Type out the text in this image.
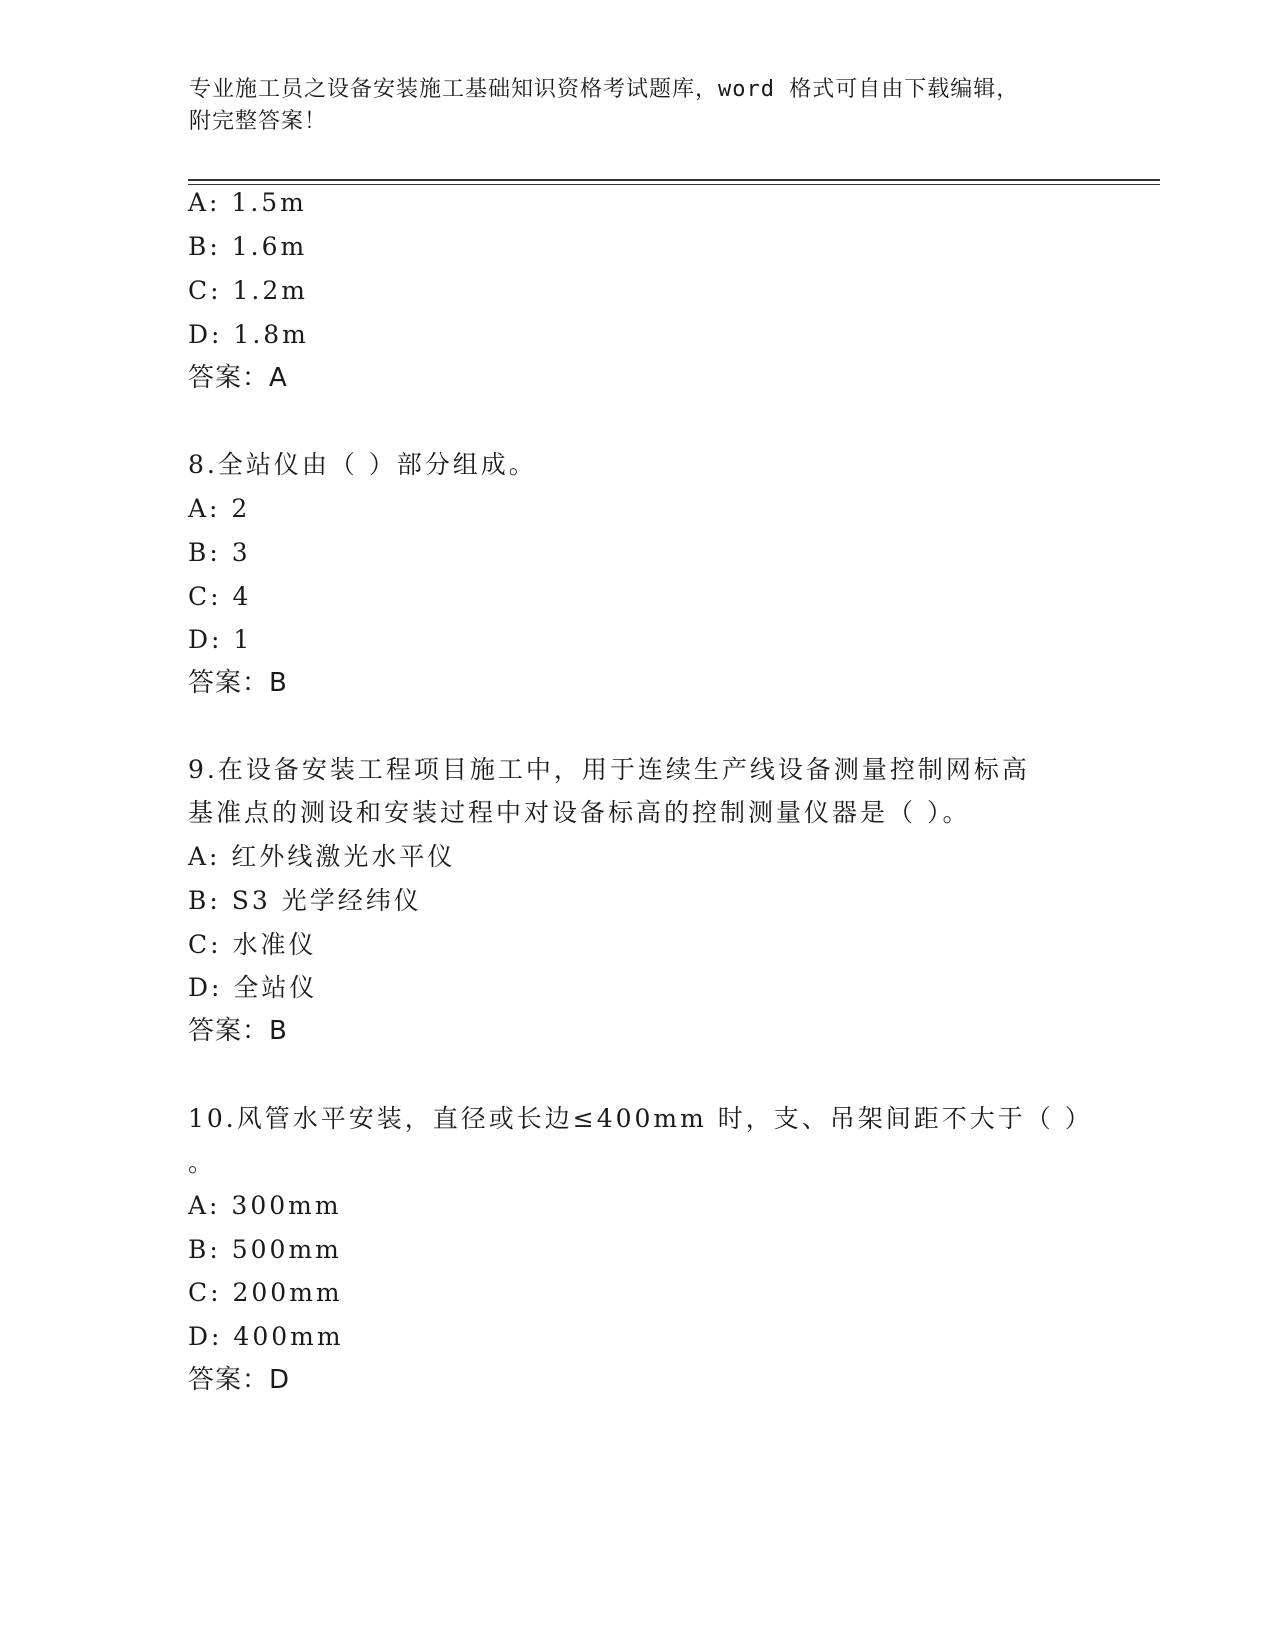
专业施工员之设备安装施工基础知识资格考试题库，word 格式可自由下载编辑，
附完整答案！
A: 1.5m
B: 1.6m
C: 1.2m
D: 1.8m
答案：A
8.全站仪由（ ）部分组成。
A: 2
B: 3
C: 4
D: 1
答案：B
9.在设备安装工程项目施工中，用于连续生产线设备测量控制网标高
基准点的测设和安装过程中对设备标高的控制测量仪器是（ ）。
A: 红外线激光水平仪
B: S3 光学经纬仪
C: 水准仪
D: 全站仪
答案：B
10.风管水平安装，直径或长边≤400mm 时，支、吊架间距不大于（ ）
。
A: 300mm
B: 500mm
C: 200mm
D: 400mm
答案：D
